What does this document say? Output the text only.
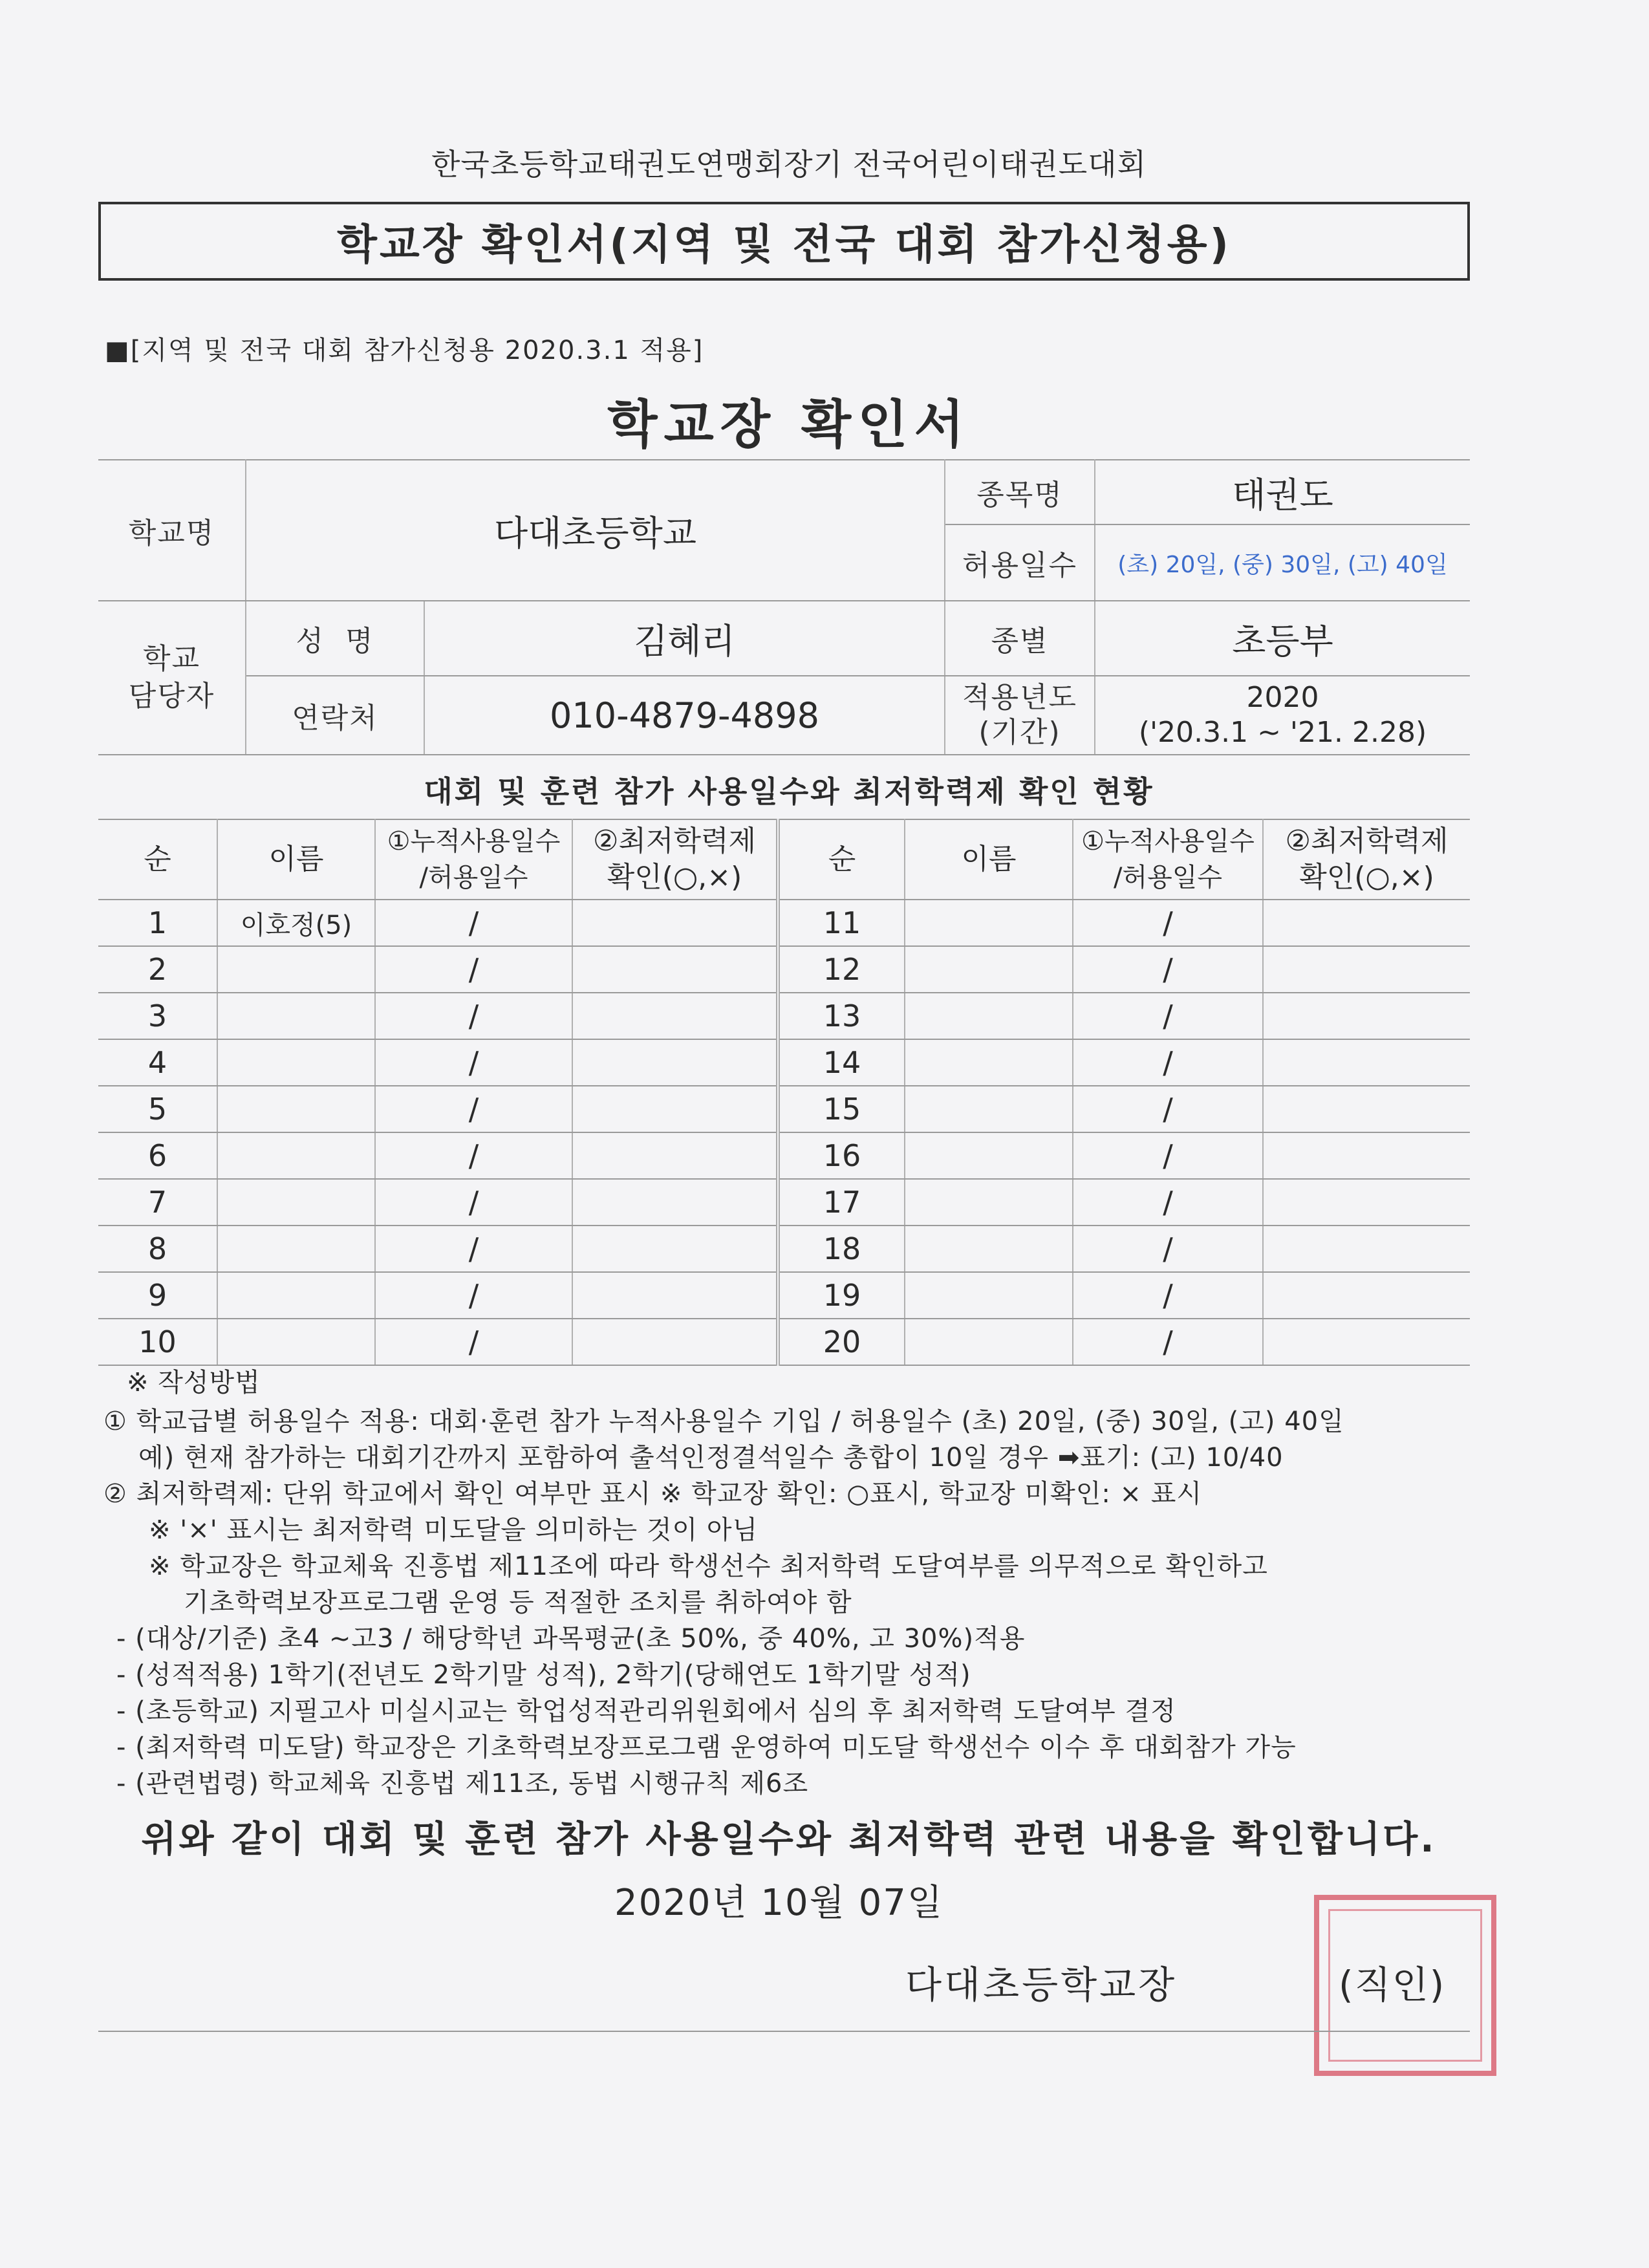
한국초등학교태권도연맹회장기 전국어린이태권도대회
학교장 확인서(지역 및 전국 대회 참가신청용)
■[지역 및 전국 대회 참가신청용 2020.3.1 적용]
학교장 확인서
학교명	다대초등학교		종목명	태권도
			허용일수	(초) 20일, (중) 30일, (고) 40일
학교
담당자	성  명	김혜리	종별	초등부
	연락처	010-4879-4898	적용년도
(기간)	2020
('20.3.1 ~ '21. 2.28)
대회 및 훈련 참가 사용일수와 최저학력제 확인 현황
순	이름	①누적사용일수
/허용일수	②최저학력제
확인(○,×)	순	이름	①누적사용일수
/허용일수	②최저학력제
확인(○,×)
1	이호정(5)	/		11		/	
2		/		12		/	
3		/		13		/	
4		/		14		/	
5		/		15		/	
6		/		16		/	
7		/		17		/	
8		/		18		/	
9		/		19		/	
10		/		20		/	
※ 작성방법
① 학교급별 허용일수 적용: 대회·훈련 참가 누적사용일수 기입 / 허용일수 (초) 20일, (중) 30일, (고) 40일
예) 현재 참가하는 대회기간까지 포함하여 출석인정결석일수 총합이 10일 경우 ➡표기: (고) 10/40
② 최저학력제: 단위 학교에서 확인 여부만 표시 ※ 학교장 확인: ○표시, 학교장 미확인: × 표시
※ '×' 표시는 최저학력 미도달을 의미하는 것이 아님
※ 학교장은 학교체육 진흥법 제11조에 따라 학생선수 최저학력 도달여부를 의무적으로 확인하고
기초학력보장프로그램 운영 등 적절한 조치를 취하여야 함
- (대상/기준) 초4 ~고3 / 해당학년 과목평균(초 50%, 중 40%, 고 30%)적용
- (성적적용) 1학기(전년도 2학기말 성적), 2학기(당해연도 1학기말 성적)
- (초등학교) 지필고사 미실시교는 학업성적관리위원회에서 심의 후 최저학력 도달여부 결정
- (최저학력 미도달) 학교장은 기초학력보장프로그램 운영하여 미도달 학생선수 이수 후 대회참가 가능
- (관련법령) 학교체육 진흥법 제11조, 동법 시행규칙 제6조
위와 같이 대회 및 훈련 참가 사용일수와 최저학력 관련 내용을 확인합니다.
2020년 10월 07일
다대초등학교장	(직인)
